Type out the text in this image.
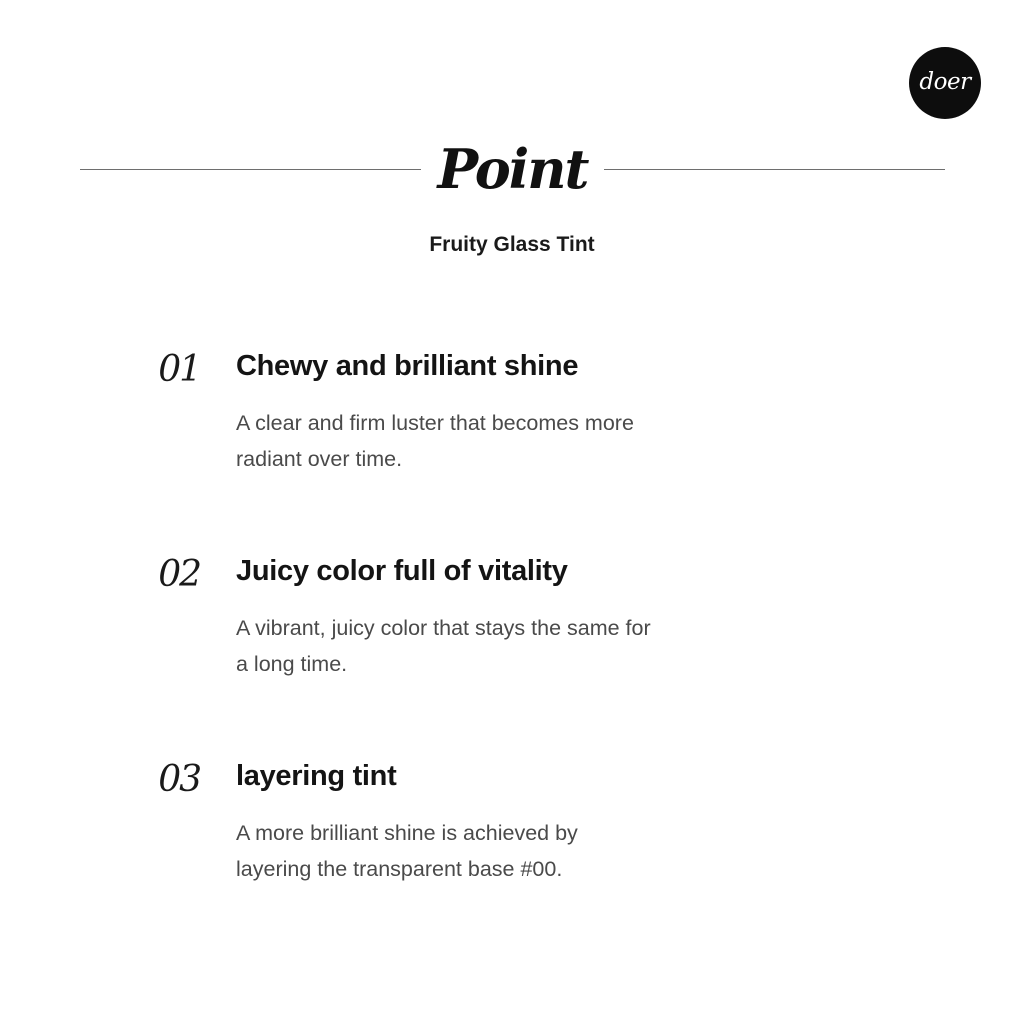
doer
Point
Fruity Glass Tint
01 Chewy and brilliant shine

A clear and firm luster that becomes more radiant over time.

02 Juicy color full of vitality

A vibrant, juicy color that stays the same for a long time.

03 layering tint

A more brilliant shine is achieved by layering the transparent base #00.
